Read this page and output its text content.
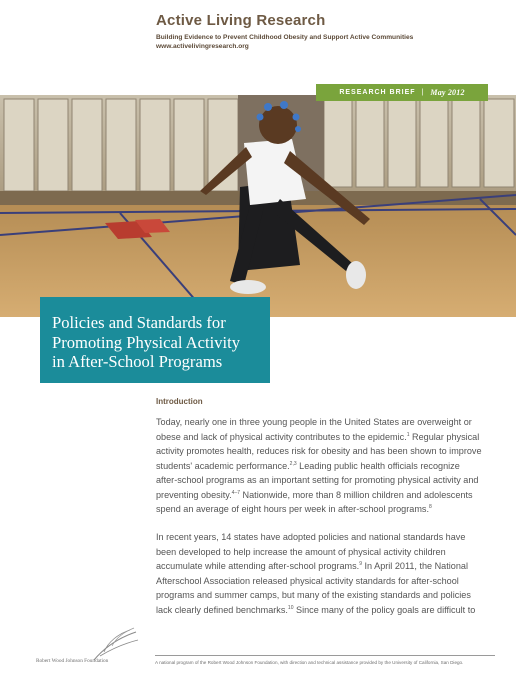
Active Living Research
Building Evidence to Prevent Childhood Obesity and Support Active Communities
www.activelivingresearch.org
RESEARCH BRIEF | May 2012
Policies and Standards for
Promoting Physical Activity
in After-School Programs
Introduction
Today, nearly one in three young people in the United States are overweight or
obese and lack of physical activity contributes to the epidemic.$^1$ Regular physical
activity promotes health, reduces risk for obesity and has been shown to improve
students' academic performance.$^{2,3}$ Leading public health officials recognize
after-school programs as an important setting for promoting physical activity and
preventing obesity.$^{4-7}$ Nationwide, more than 8 million children and adolescents
spend an average of eight hours per week in after-school programs.$^8$
In recent years, 14 states have adopted policies and national standards have
been developed to help increase the amount of physical activity children
accumulate while attending after-school programs.$^9$ In April 2011, the National
Afterschool Association released physical activity standards for after-school
programs and summer camps, but many of the existing standards and policies
lack clearly defined benchmarks.$^{10}$ Since many of the policy goals are difficult to
Robert Wood Johnson Foundation	A national program of the Robert Wood Johnson Foundation, with direction and technical assistance provided by the University of California, San Diego.
